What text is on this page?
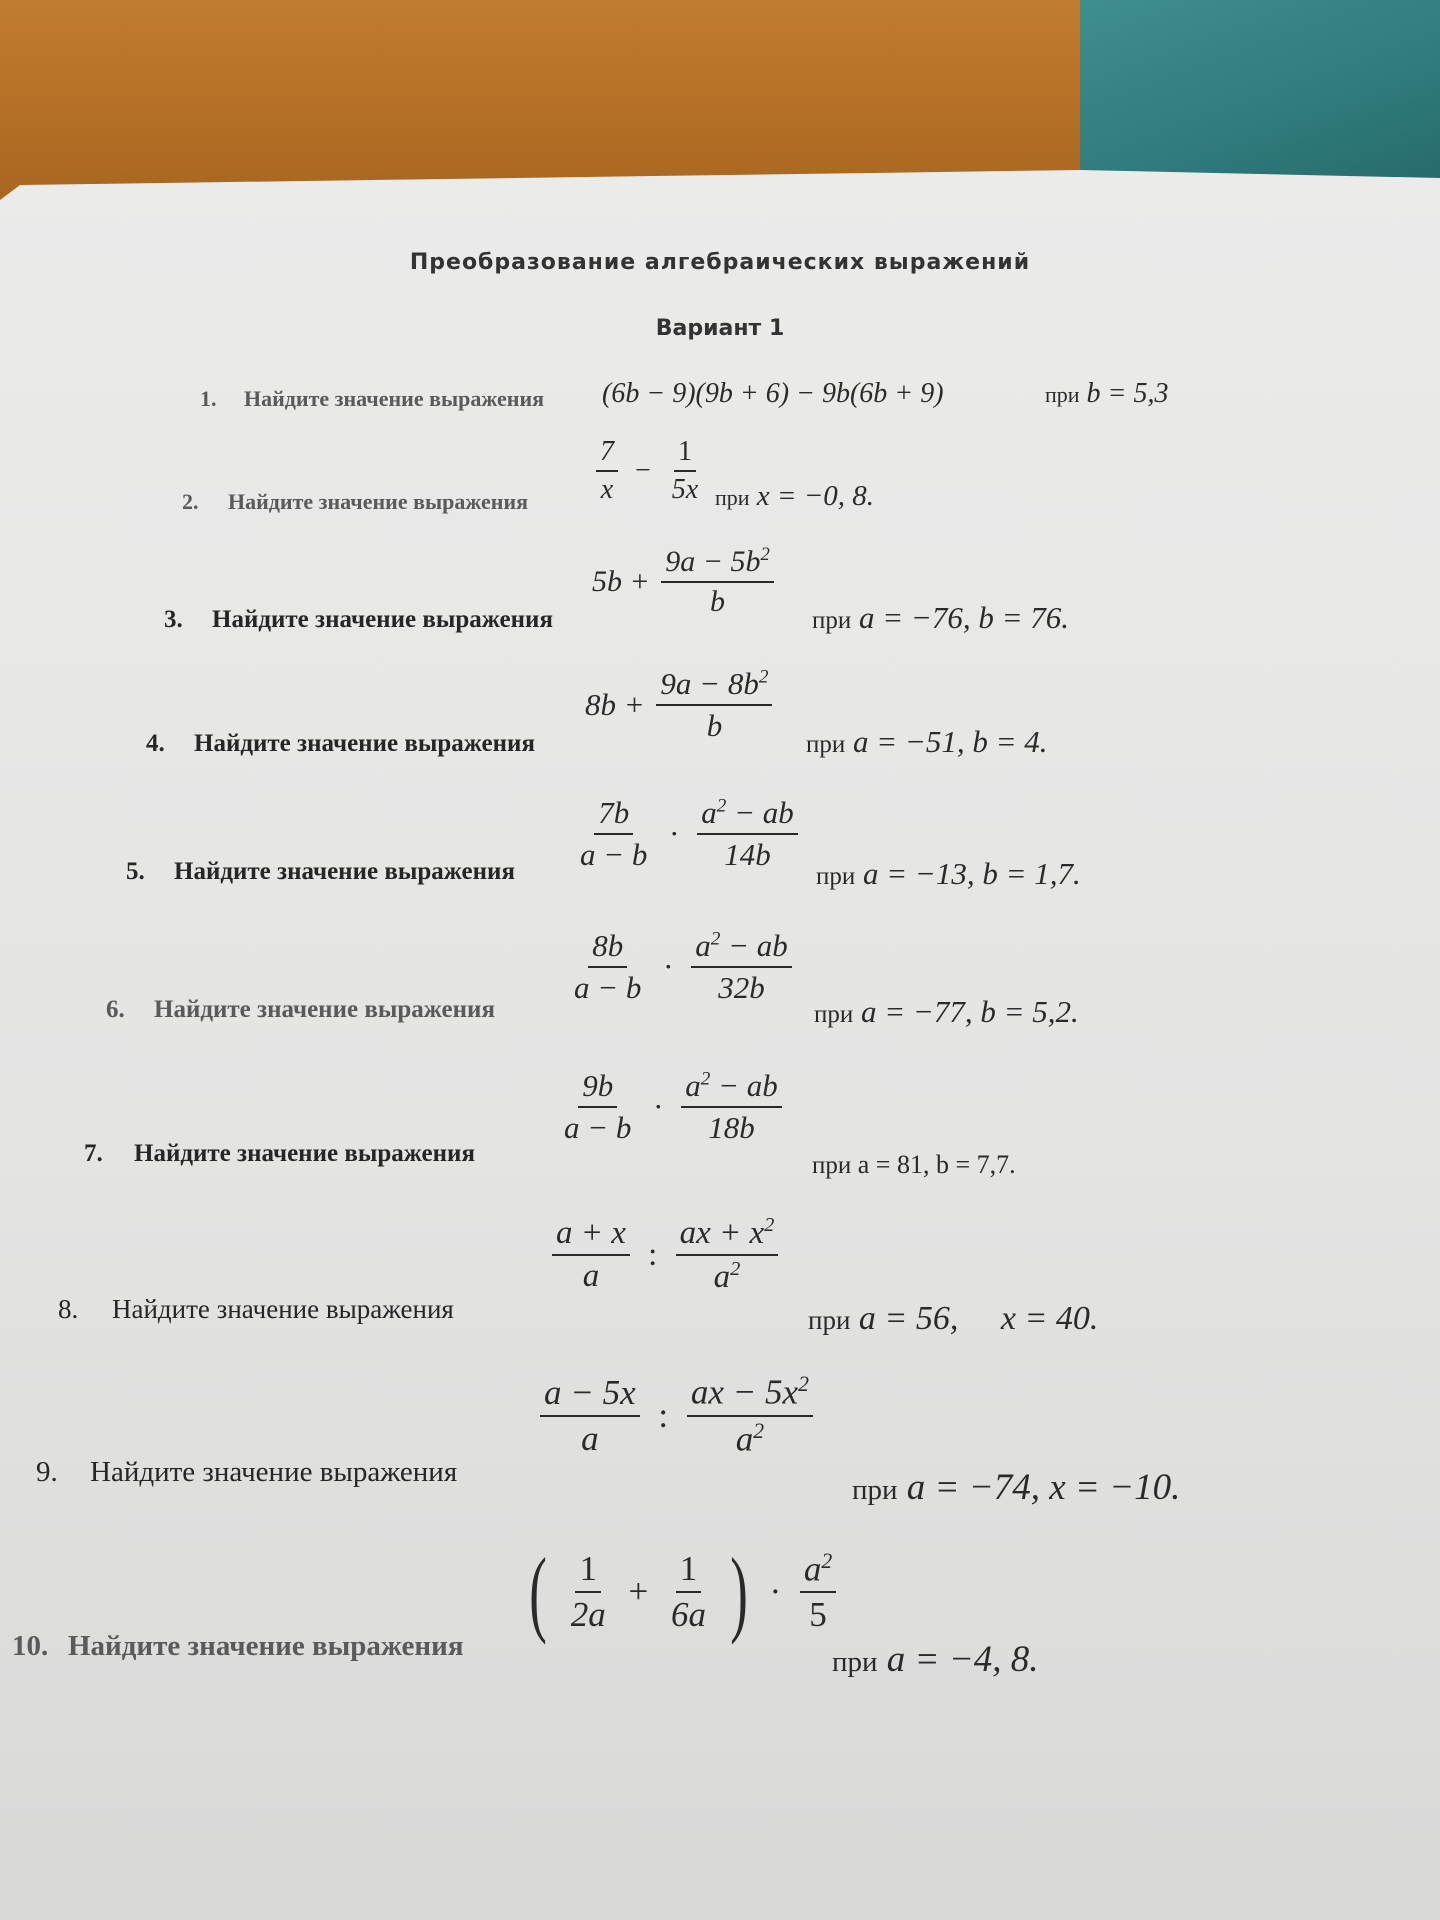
Преобразование алгебраических выражений
Вариант 1
1. Найдите значение выражения (6b − 9)(9b + 6) − 9b(6b + 9)	при b = 5,3
2. Найдите значение выражения $\frac{7}{x} - \frac{1}{5x}$ при x = −0, 8.
3. Найдите значение выражения
$5b + \frac{9a - 5b^2}{b}$
при a = −76, b = 76.
4. Найдите значение выражения
$8b + \frac{9a - 8b^2}{b}$
при a = −51, b = 4.
5. Найдите значение выражения $\frac{7b}{a - b} \cdot \frac{a^2 - ab}{14b}$
при a = −13, b = 1,7.
6. Найдите значение выражения
$\frac{8b}{a - b} \cdot \frac{a^2 - ab}{32b}$
при a = −77, b = 5,2.
7. Найдите значение выражения
$\frac{9b}{a - b} \cdot \frac{a^2 - ab}{18b}$
при a = 81, b = 7,7.
8. Найдите значение выражения
$\frac{a + x}{a}$ : $\frac{ax + x^2}{a^2}$
при a = 56,     x = 40.
9. Найдите значение выражения
$\frac{a - 5x}{a}$ : $\frac{ax - 5x^2}{a^2}$
при a = −74, x = −10.
10. Найдите значение выражения
( $\frac{1}{2a} + \frac{1}{6a}$ ) · $\frac{a^2}{5}$
при a = −4, 8.
